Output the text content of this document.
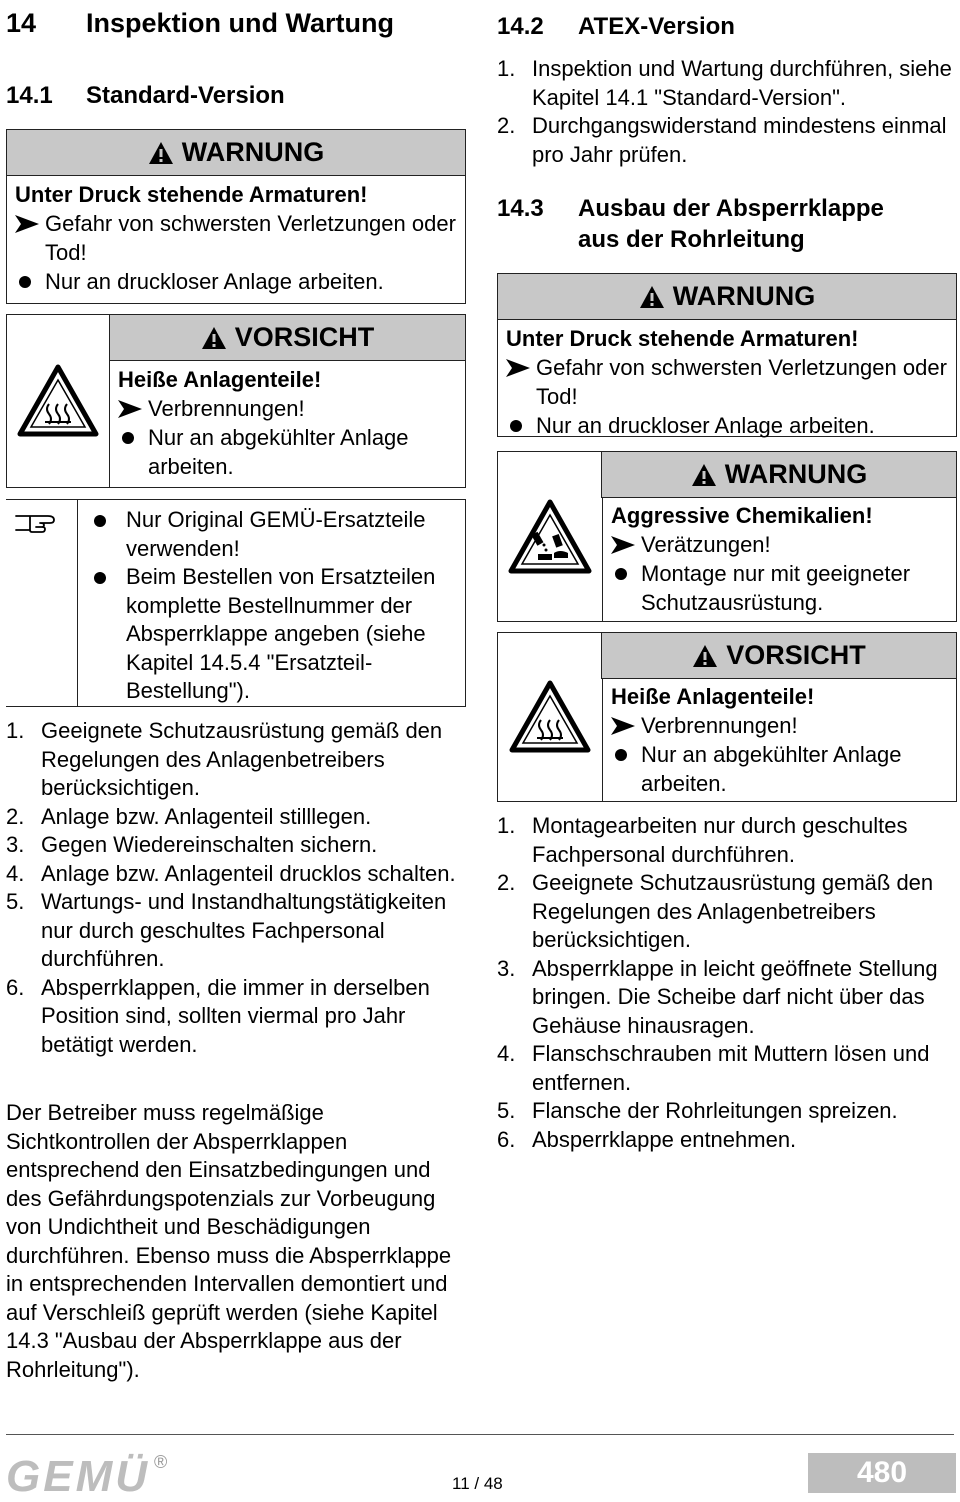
14 Inspektion und Wartung
14.1 Standard-Version
WARNUNG
Unter Druck stehende Armaturen!
Gefahr von schwersten Verletzungen oder Tod!
Nur an druckloser Anlage arbeiten.
VORSICHT
Heiße Anlagenteile!
Verbrennungen!
Nur an abgekühlter Anlage arbeiten.
Nur Original GEMÜ-Ersatzteile verwenden!
Beim Bestellen von Ersatzteilen komplette Bestellnummer der Absperrklappe angeben (siehe Kapitel 14.5.4 "Ersatzteil-Bestellung").
1. Geeignete Schutzausrüstung gemäß den Regelungen des Anlagenbetreibers berücksichtigen.
2. Anlage bzw. Anlagenteil stilllegen.
3. Gegen Wiedereinschalten sichern.
4. Anlage bzw. Anlagenteil drucklos schalten.
5. Wartungs- und Instandhaltungstätigkeiten nur durch geschultes Fachpersonal durchführen.
6. Absperrklappen, die immer in derselben Position sind, sollten viermal pro Jahr betätigt werden.
Der Betreiber muss regelmäßige Sichtkontrollen der Absperrklappen entsprechend den Einsatzbedingungen und des Gefährdungspotenzials zur Vorbeugung von Undichtheit und Beschädigungen durchführen. Ebenso muss die Absperrklappe in entsprechenden Intervallen demontiert und auf Verschleiß geprüft werden (siehe Kapitel 14.3 "Ausbau der Absperrklappe aus der Rohrleitung").
14.2 ATEX-Version
1. Inspektion und Wartung durchführen, siehe Kapitel 14.1 "Standard-Version".
2. Durchgangswiderstand mindestens einmal pro Jahr prüfen.
14.3 Ausbau der Absperrklappe
aus der Rohrleitung
WARNUNG
Unter Druck stehende Armaturen!
Gefahr von schwersten Verletzungen oder Tod!
Nur an druckloser Anlage arbeiten.
WARNUNG
Aggressive Chemikalien!
Verätzungen!
Montage nur mit geeigneter Schutzausrüstung.
VORSICHT
Heiße Anlagenteile!
Verbrennungen!
Nur an abgekühlter Anlage arbeiten.
1. Montagearbeiten nur durch geschultes Fachpersonal durchführen.
2. Geeignete Schutzausrüstung gemäß den Regelungen des Anlagenbetreibers berücksichtigen.
3. Absperrklappe in leicht geöffnete Stellung bringen. Die Scheibe darf nicht über das Gehäuse hinausragen.
4. Flanschschrauben mit Muttern lösen und entfernen.
5. Flansche der Rohrleitungen spreizen.
6. Absperrklappe entnehmen.
GEMÜ ®
11 / 48	480
